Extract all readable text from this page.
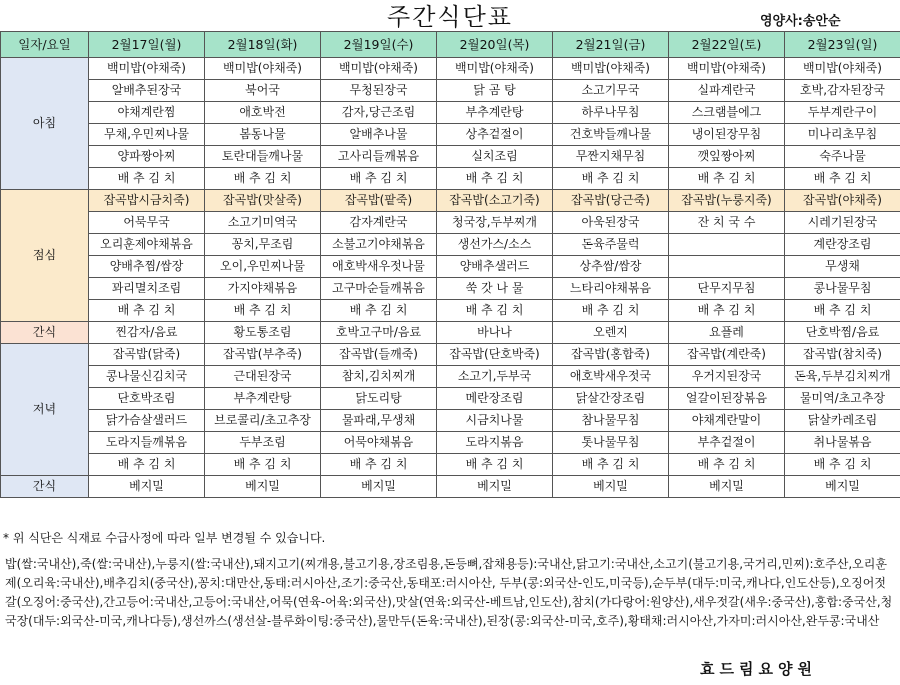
주간식단표	영양사:송안순
일자/요일	2월17일(월)	2월18일(화)	2월19일(수)	2월20일(목)	2월21일(금)	2월22일(토)	2월23일(일)
아침	백미밥(야채죽)	백미밥(야채죽)	백미밥(야채죽)	백미밥(야채죽)	백미밥(야채죽)	백미밥(야채죽)	백미밥(야채죽)
	알배추된장국	북어국	무청된장국	닭 곰 탕	소고기무국	실파계란국	호박,감자된장국
	야채계란찜	애호박전	감자,당근조림	부추계란탕	하루나무침	스크램블에그	두부계란구이
	무채,우민찌나물	봄동나물	알배추나물	상추겉절이	건호박들깨나물	냉이된장무침	미나리초무침
	양파짱아찌	토란대들깨나물	고사리들깨볶음	실치조림	무짠지채무침	깻잎짱아찌	숙주나물
	배 추 김 치	배 추 김 치	배 추 김 치	배 추 김 치	배 추 김 치	배 추 김 치	배 추 김 치
점심	잡곡밥시금치죽)	잡곡밥(맛살죽)	잡곡밥(팥죽)	잡곡밥(소고기죽)	잡곡밥(당근죽)	잡곡밥(누룽지죽)	잡곡밥(야채죽)
	어묵무국	소고기미역국	감자계란국	청국장,두부찌개	아욱된장국	잔 치 국 수	시레기된장국
	오리훈제야채볶음	꽁치,무조림	소불고기야채볶음	생선가스/소스	돈육주물럭		계란장조림
	양배추찜/쌈장	오이,우민찌나물	애호박새우젓나물	양배추샐러드	상추쌈/쌈장		무생채
	꽈리멸치조림	가지야채볶음	고구마순들깨볶음	쑥 갓 나 물	느타리야채볶음	단무지무침	콩나물무침
	배 추 김 치	배 추 김 치	배 추 김 치	배 추 김 치	배 추 김 치	배 추 김 치	배 추 김 치
간식	찐감자/음료	황도통조림	호박고구마/음료	바나나	오렌지	요플레	단호박찜/음료
저녁	잡곡밥(닭죽)	잡곡밥(부추죽)	잡곡밥(들깨죽)	잡곡밥(단호박죽)	잡곡밥(홍합죽)	잡곡밥(계란죽)	잡곡밥(참치죽)
	콩나물신김치국	근대된장국	참치,김치찌개	소고기,두부국	애호박새우젓국	우거지된장국	돈육,두부김치찌개
	단호박조림	부추계란탕	닭도리탕	메란장조림	닭살간장조림	얼갈이된장볶음	물미역/초고추장
	닭가슴살샐러드	브로콜리/초고추장	물파래,무생채	시금치나물	참나물무침	야채계란말이	닭살카레조림
	도라지들깨볶음	두부조림	어묵야채볶음	도라지볶음	톳나물무침	부추겉절이	취나물볶음
	배 추 김 치	배 추 김 치	배 추 김 치	배 추 김 치	배 추 김 치	배 추 김 치	배 추 김 치
간식	베지밀	베지밀	베지밀	베지밀	베지밀	베지밀	베지밀
* 위 식단은 식재료 수급사정에 따라 일부 변경될 수 있습니다.
밥(쌀:국내산),죽(쌀:국내산),누룽지(쌀:국내산),돼지고기(찌개용,불고기용,장조림용,돈등뼈,잡채용등):국내산,닭고기:국내산,소고기(불고기용,국거리,민찌):호주산,오리훈제(오리육:국내산),배추김치(중국산),꽁치:대만산,동태:러시아산,조기:중국산,동태포:러시아산, 두부(콩:외국산-인도,미국등),순두부(대두:미국,캐나다,인도산등),오징어젓갈(오징어:중국산),간고등어:국내산,고등어:국내산,어묵(연육-어육:외국산),맛살(연육:외국산-베트남,인도산),참치(가다랑어:원양산),새우젓갈(새우:중국산),홍합:중국산,청국장(대두:외국산-미국,캐나다등),생선까스(생선살-블루화이팅:중국산),물만두(돈육:국내산),된장(콩:외국산-미국,호주),황태채:러시아산,가자미:러시아산,완두콩:국내산
효드림요양원
